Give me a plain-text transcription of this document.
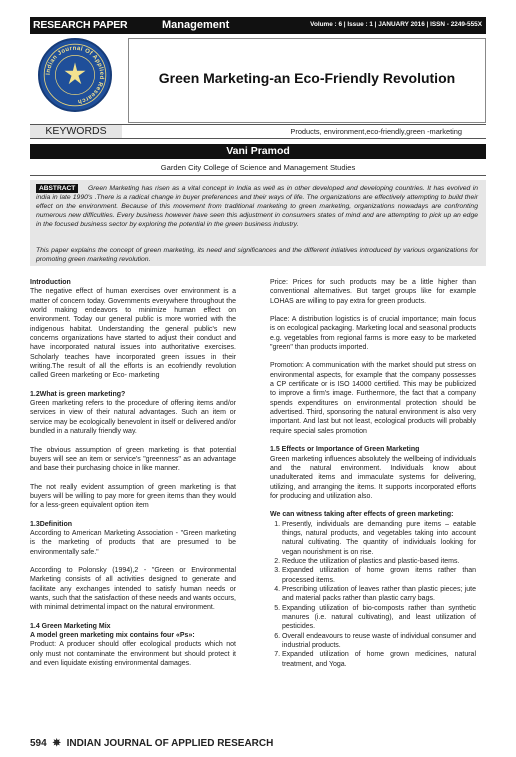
RESEARCH PAPER	Management	Volume : 6 | Issue : 1 | JANUARY 2016 | ISSN - 2249-555X
Indian Journal Of Applied Research
Green Marketing-an Eco-Friendly Revolution
KEYWORDS	Products, environment,eco-friendly,green -marketing
Vani Pramod
Garden City College of Science and Management Studies

Green Marketing has risen as a vital concept in India as well as in other developed and developing countries. It has evolved in india in late 1990's .There is a radical change in buyer preferences and their ways of life. The organizations are effectively attempting to build their effect on the environment. Because of this movement from traditional marketing to green marketing, organizations nowadays are confronting numerous new difficulties. Every business however have seen this adjustment in consumers states of mind and are attempting to pick up an edge in the focused business sector by exploring the potential in the green business industry.

ABSTRACT

This paper explains the concept of green marketing, its need and significances and the different intiatives introduced by various organizations for promoting green marketing revolution.

Introduction

The negative effect of human exercises over environment is a matter of concern today. Governments everywhere throughout the world making endeavors to minimize human effect on environment. Today our general public is more worried with the indigenous habitat. Understanding the general public's new concerns organizations have started to adjust their conduct and have incorporated natural issues into authoritative exercises. Scholarly teaches have incorporated green issues in their writing.The result of all the efforts is an ecofriendly revolution called Green marketing or Eco- marketing

1.2What is green marketing?

Green marketing refers to the procedure of offering items and/or services in view of their natural advantages. Such an item or service may be ecologically benevolent in itself or delivered and/or bundled in a naturally friendly way.

The obvious assumption of green marketing is that potential buyers will see an item or service's "greenness" as an advantage and base their purchasing choice in like manner.

The not really evident assumption of green marketing is that buyers will be willing to pay more for green items than they would for a less-green equivalent option item

1.3Definition

According to American Marketing Association - "Green marketing is the marketing of products that are presumed to be environmentally safe."

According to Polonsky (1994),2 - "Green or Environmental Marketing consists of all activities designed to generate and facilitate any exchanges intended to satisfy human needs or wants, such that the satisfaction of these needs and wants occurs, with minimal detrimental impact on the natural environment.

1.4 Green Marketing Mix

A model green marketing mix contains four «Ps»:

Product: A producer should offer ecological products which not only must not contaminate the environment but should protect it and even liquidate existing environmental damages.

Price: Prices for such products may be a little higher than conventional alternatives. But target groups like for example LOHAS are willing to pay extra for green products.

Place: A distribution logistics is of crucial importance; main focus is on ecological packaging. Marketing local and seasonal products e.g. vegetables from regional farms is more easy to be marketed "green" than products imported.

Promotion: A communication with the market should put stress on environmental aspects, for example that the company possesses a CP certificate or is ISO 14000 certified. This may be publicized to improve a firm's image. Furthermore, the fact that a company spends expenditures on environmental protection should be advertised. Third, sponsoring the natural environment is also very important. And last but not least, ecological products will probably require special sales promotion

1.5 Effects or Importance of Green Marketing

Green marketing influences absolutely the wellbeing of individuals and the natural environment. Individuals know about unadulterated items and immaculate systems for delivering, utilizing, and arranging the items. It supports incorporated efforts for producing and utilization also.

We can witness taking after effects of green marketing:

1. Presently, individuals are demanding pure items – eatable things, natural products, and vegetables taking into account natural cultivating. The quantity of individuals looking for vegan nourishment is on rise.
2. Reduce the utilization of plastics and plastic-based items.
3. Expanded utilization of home grown items rather than processed items.
4. Prescribing utilization of leaves rather than plastic pieces; jute and material packs rather than plastic carry bags.
5. Expanding utilization of bio-composts rather than synthetic manures (i.e. natural cultivating), and least utilization of pesticides.
6. Overall endeavours to reuse waste of individual consumer and industrial products.
7. Expanded utilization of home grown medicines, natural treatment, and Yoga.
594 ✵ INDIAN JOURNAL OF APPLIED RESEARCH
